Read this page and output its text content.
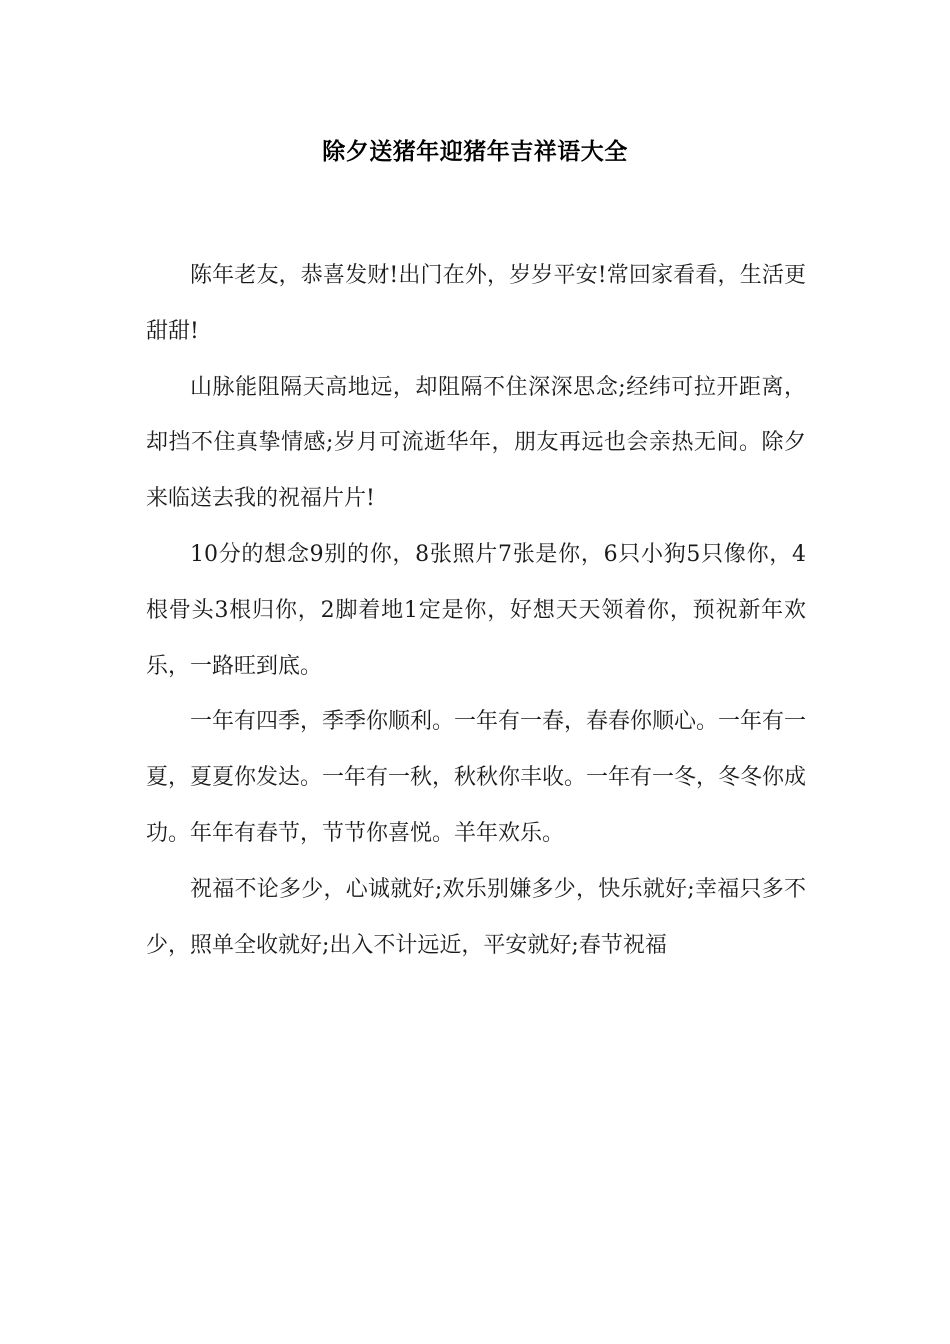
除夕送猪年迎猪年吉祥语大全

陈年老友，恭喜发财!出门在外，岁岁平安!常回家看看，生活更甜甜!

山脉能阻隔天高地远，却阻隔不住深深思念;经纬可拉开距离，却挡不住真挚情感;岁月可流逝华年，朋友再远也会亲热无间。除夕来临送去我的祝福片片!

10分的想念9别的你，8张照片7张是你，6只小狗5只像你，4根骨头3根归你，2脚着地1定是你，好想天天领着你，预祝新年欢乐，一路旺到底。

一年有四季，季季你顺利。一年有一春，春春你顺心。一年有一夏，夏夏你发达。一年有一秋，秋秋你丰收。一年有一冬，冬冬你成功。年年有春节，节节你喜悦。羊年欢乐。

祝福不论多少，心诚就好;欢乐别嫌多少，快乐就好;幸福只多不少，照单全收就好;出入不计远近，平安就好;春节祝福
